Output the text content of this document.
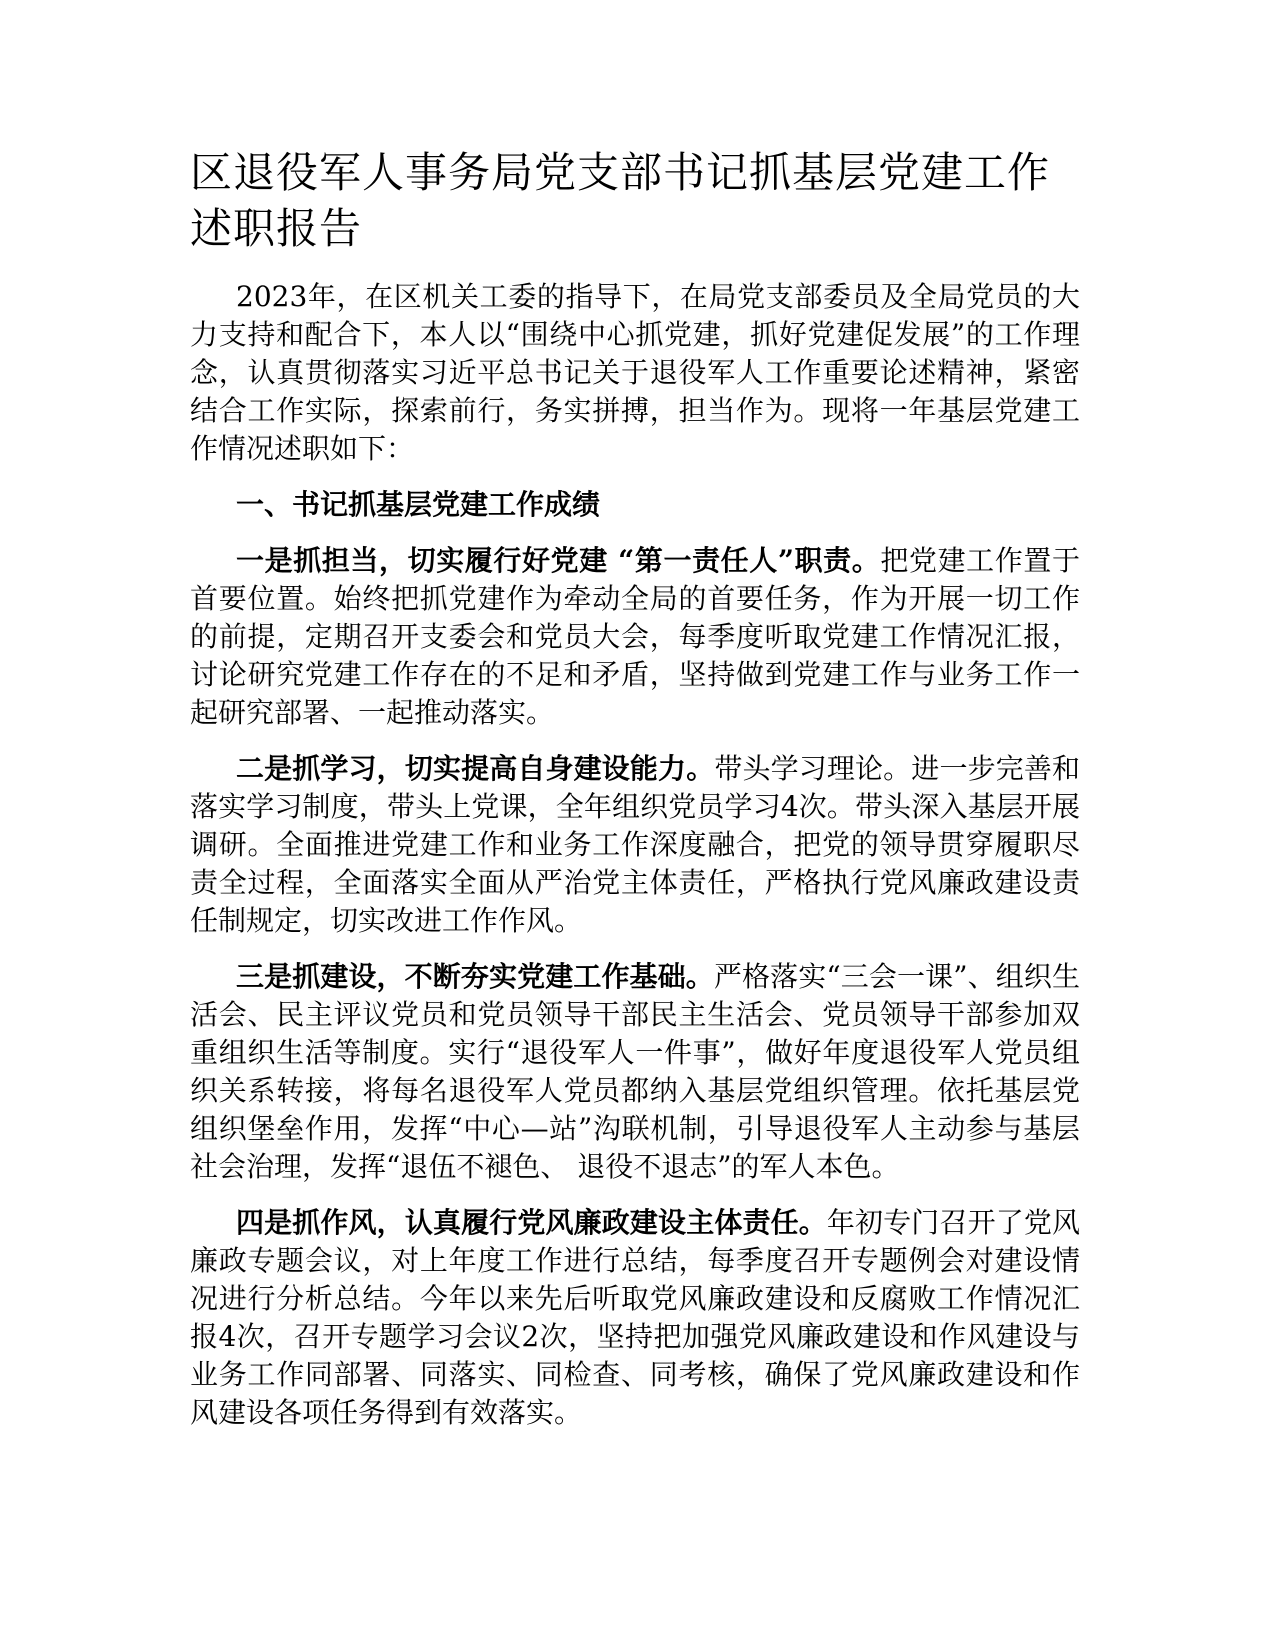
区退役军人事务局党支部书记抓基层党建工作述职报告

2023年，在区机关工委的指导下，在局党支部委员及全局党员的大力支持和配合下，本人以“围绕中心抓党建，抓好党建促发展”的工作理念，认真贯彻落实习近平总书记关于退役军人工作重要论述精神，紧密结合工作实际，探索前行，务实拼搏，担当作为。现将一年基层党建工作情况述职如下：

一、书记抓基层党建工作成绩

一是抓担当，切实履行好党建 “第一责任人”职责。把党建工作置于首要位置。始终把抓党建作为牵动全局的首要任务，作为开展一切工作的前提，定期召开支委会和党员大会，每季度听取党建工作情况汇报，讨论研究党建工作存在的不足和矛盾，坚持做到党建工作与业务工作一起研究部署、一起推动落实。

二是抓学习，切实提高自身建设能力。带头学习理论。进一步完善和落实学习制度，带头上党课，全年组织党员学习4次。带头深入基层开展调研。全面推进党建工作和业务工作深度融合，把党的领导贯穿履职尽责全过程，全面落实全面从严治党主体责任，严格执行党风廉政建设责任制规定，切实改进工作作风。

三是抓建设，不断夯实党建工作基础。严格落实“三会一课”、组织生活会、民主评议党员和党员领导干部民主生活会、党员领导干部参加双重组织生活等制度。实行“退役军人一件事”，做好年度退役军人党员组织关系转接，将每名退役军人党员都纳入基层党组织管理。依托基层党组织堡垒作用，发挥“中心—站”沟联机制，引导退役军人主动参与基层社会治理，发挥“退伍不褪色、 退役不退志”的军人本色。

四是抓作风，认真履行党风廉政建设主体责任。年初专门召开了党风廉政专题会议，对上年度工作进行总结，每季度召开专题例会对建设情况进行分析总结。今年以来先后听取党风廉政建设和反腐败工作情况汇报4次，召开专题学习会议2次，坚持把加强党风廉政建设和作风建设与业务工作同部署、同落实、同检查、同考核，确保了党风廉政建设和作风建设各项任务得到有效落实。
